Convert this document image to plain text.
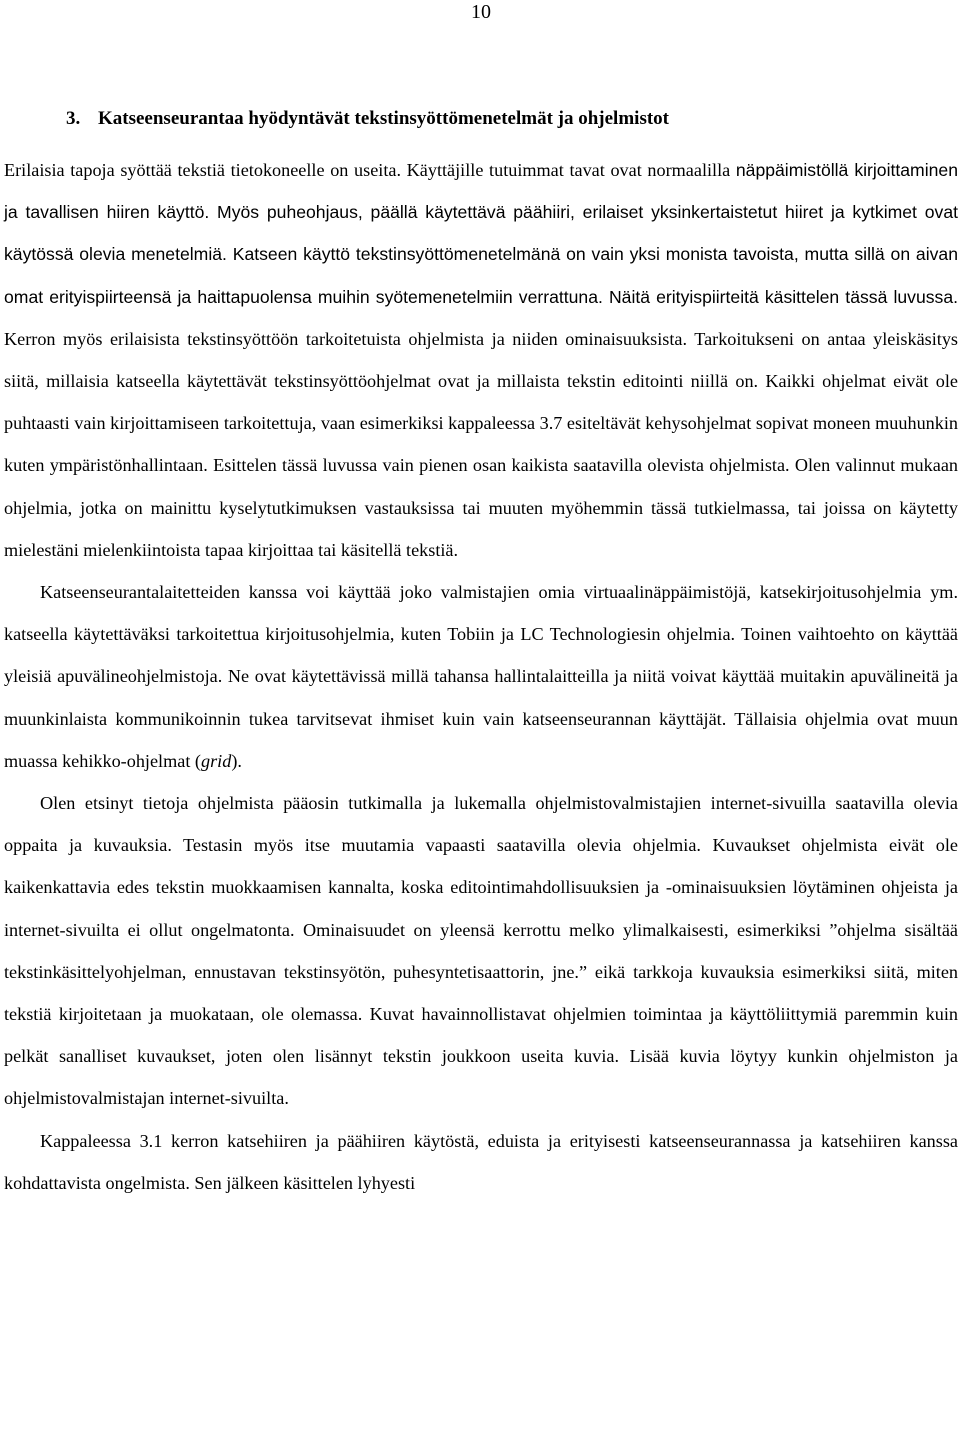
10
3. Katseenseurantaa hyödyntävät tekstinsyöttömenetelmät ja ohjelmistot

Erilaisia tapoja syöttää tekstiä tietokoneelle on useita. Käyttäjille tutuimmat tavat ovat normaalilla näppäimistöllä kirjoittaminen ja tavallisen hiiren käyttö. Myös puheohjaus, päällä käytettävä päähiiri, erilaiset yksinkertaistetut hiiret ja kytkimet ovat käytössä olevia menetelmiä. Katseen käyttö tekstinsyöttömenetelmänä on vain yksi monista tavoista, mutta sillä on aivan omat erityispiirteensä ja haittapuolensa muihin syötemenetelmiin verrattuna. Näitä erityispiirteitä käsittelen tässä luvussa. Kerron myös erilaisista tekstinsyöttöön tarkoitetuista ohjelmista ja niiden ominaisuuksista. Tarkoitukseni on antaa yleiskäsitys siitä, millaisia katseella käytettävät tekstinsyöttöohjelmat ovat ja millaista tekstin editointi niillä on. Kaikki ohjelmat eivät ole puhtaasti vain kirjoittamiseen tarkoitettuja, vaan esimerkiksi kappaleessa 3.7 esiteltävät kehysohjelmat sopivat moneen muuhunkin kuten ympäristönhallintaan. Esittelen tässä luvussa vain pienen osan kaikista saatavilla olevista ohjelmista. Olen valinnut mukaan ohjelmia, jotka on mainittu kyselytutkimuksen vastauksissa tai muuten myöhemmin tässä tutkielmassa, tai joissa on käytetty mielestäni mielenkiintoista tapaa kirjoittaa tai käsitellä tekstiä.

Katseenseurantalaitetteiden kanssa voi käyttää joko valmistajien omia virtuaalinäppäimistöjä, katsekirjoitusohjelmia ym. katseella käytettäväksi tarkoitettua kirjoitusohjelmia, kuten Tobiin ja LC Technologiesin ohjelmia. Toinen vaihtoehto on käyttää yleisiä apuvälineohjelmistoja. Ne ovat käytettävissä millä tahansa hallintalaitteilla ja niitä voivat käyttää muitakin apuvälineitä ja muunkinlaista kommunikoinnin tukea tarvitsevat ihmiset kuin vain katseenseurannan käyttäjät. Tällaisia ohjelmia ovat muun muassa kehikko-ohjelmat (grid).

Olen etsinyt tietoja ohjelmista pääosin tutkimalla ja lukemalla ohjelmistovalmistajien internet-sivuilla saatavilla olevia oppaita ja kuvauksia. Testasin myös itse muutamia vapaasti saatavilla olevia ohjelmia. Kuvaukset ohjelmista eivät ole kaikenkattavia edes tekstin muokkaamisen kannalta, koska editointimahdollisuuksien ja -ominaisuuksien löytäminen ohjeista ja internet-sivuilta ei ollut ongelmatonta. Ominaisuudet on yleensä kerrottu melko ylimalkaisesti, esimerkiksi ”ohjelma sisältää tekstinkäsittelyohjelman, ennustavan tekstinsyötön, puhesyntetisaattorin, jne.” eikä tarkkoja kuvauksia esimerkiksi siitä, miten tekstiä kirjoitetaan ja muokataan, ole olemassa. Kuvat havainnollistavat ohjelmien toimintaa ja käyttöliittymiä paremmin kuin pelkät sanalliset kuvaukset, joten olen lisännyt tekstin joukkoon useita kuvia. Lisää kuvia löytyy kunkin ohjelmiston ja ohjelmistovalmistajan internet-sivuilta.

Kappaleessa 3.1 kerron katsehiiren ja päähiiren käytöstä, eduista ja erityisesti katseenseurannassa ja katsehiiren kanssa kohdattavista ongelmista. Sen jälkeen käsittelen lyhyesti
